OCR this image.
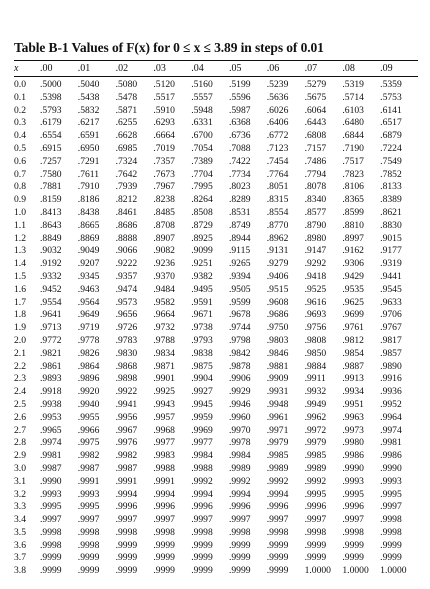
Table B-1 Values of F(x) for 0 ≤ x ≤ 3.89 in steps of 0.01
x	.00	.01	.02	.03	.04	.05	.06	.07	.08	.09
0.0	.5000	.5040	.5080	.5120	.5160	.5199	.5239	.5279	.5319	.5359
0.1	.5398	.5438	.5478	.5517	.5557	.5596	.5636	.5675	.5714	.5753
0.2	.5793	.5832	.5871	.5910	.5948	.5987	.6026	.6064	.6103	.6141
0.3	.6179	.6217	.6255	.6293	.6331	.6368	.6406	.6443	.6480	.6517
0.4	.6554	.6591	.6628	.6664	.6700	.6736	.6772	.6808	.6844	.6879
0.5	.6915	.6950	.6985	.7019	.7054	.7088	.7123	.7157	.7190	.7224
0.6	.7257	.7291	.7324	.7357	.7389	.7422	.7454	.7486	.7517	.7549
0.7	.7580	.7611	.7642	.7673	.7704	.7734	.7764	.7794	.7823	.7852
0.8	.7881	.7910	.7939	.7967	.7995	.8023	.8051	.8078	.8106	.8133
0.9	.8159	.8186	.8212	.8238	.8264	.8289	.8315	.8340	.8365	.8389
1.0	.8413	.8438	.8461	.8485	.8508	.8531	.8554	.8577	.8599	.8621
1.1	.8643	.8665	.8686	.8708	.8729	.8749	.8770	.8790	.8810	.8830
1.2	.8849	.8869	.8888	.8907	.8925	.8944	.8962	.8980	.8997	.9015
1.3	.9032	.9049	.9066	.9082	.9099	.9115	.9131	.9147	.9162	.9177
1.4	.9192	.9207	.9222	.9236	.9251	.9265	.9279	.9292	.9306	.9319
1.5	.9332	.9345	.9357	.9370	.9382	.9394	.9406	.9418	.9429	.9441
1.6	.9452	.9463	.9474	.9484	.9495	.9505	.9515	.9525	.9535	.9545
1.7	.9554	.9564	.9573	.9582	.9591	.9599	.9608	.9616	.9625	.9633
1.8	.9641	.9649	.9656	.9664	.9671	.9678	.9686	.9693	.9699	.9706
1.9	.9713	.9719	.9726	.9732	.9738	.9744	.9750	.9756	.9761	.9767
2.0	.9772	.9778	.9783	.9788	.9793	.9798	.9803	.9808	.9812	.9817
2.1	.9821	.9826	.9830	.9834	.9838	.9842	.9846	.9850	.9854	.9857
2.2	.9861	.9864	.9868	.9871	.9875	.9878	.9881	.9884	.9887	.9890
2.3	.9893	.9896	.9898	.9901	.9904	.9906	.9909	.9911	.9913	.9916
2.4	.9918	.9920	.9922	.9925	.9927	.9929	.9931	.9932	.9934	.9936
2.5	.9938	.9940	.9941	.9943	.9945	.9946	.9948	.9949	.9951	.9952
2.6	.9953	.9955	.9956	.9957	.9959	.9960	.9961	.9962	.9963	.9964
2.7	.9965	.9966	.9967	.9968	.9969	.9970	.9971	.9972	.9973	.9974
2.8	.9974	.9975	.9976	.9977	.9977	.9978	.9979	.9979	.9980	.9981
2.9	.9981	.9982	.9982	.9983	.9984	.9984	.9985	.9985	.9986	.9986
3.0	.9987	.9987	.9987	.9988	.9988	.9989	.9989	.9989	.9990	.9990
3.1	.9990	.9991	.9991	.9991	.9992	.9992	.9992	.9992	.9993	.9993
3.2	.9993	.9993	.9994	.9994	.9994	.9994	.9994	.9995	.9995	.9995
3.3	.9995	.9995	.9996	.9996	.9996	.9996	.9996	.9996	.9996	.9997
3.4	.9997	.9997	.9997	.9997	.9997	.9997	.9997	.9997	.9997	.9998
3.5	.9998	.9998	.9998	.9998	.9998	.9998	.9998	.9998	.9998	.9998
3.6	.9998	.9998	.9999	.9999	.9999	.9999	.9999	.9999	.9999	.9999
3.7	.9999	.9999	.9999	.9999	.9999	.9999	.9999	.9999	.9999	.9999
3.8	.9999	.9999	.9999	.9999	.9999	.9999	.9999	1.0000	1.0000	1.0000
